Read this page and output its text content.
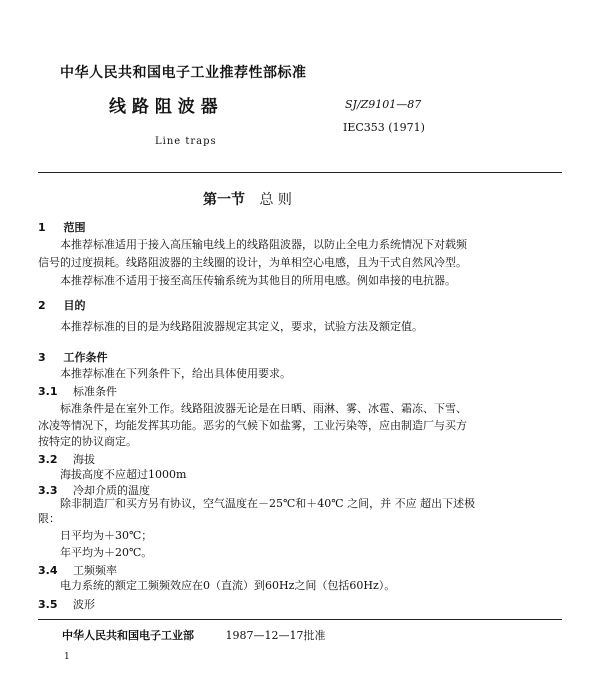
中华人民共和国电子工业推荐性部标准
线 路 阻 波 器	SJ/Z9101—87
IEC353 (1971)
Line traps
第一节 总 则
1 范围
本推荐标准适用于接入高压输电线上的线路阻波器，以防止全电力系统情况下对载频
信号的过度损耗。线路阻波器的主线圈的设计，为单相空心电感，且为干式自然风冷型。
本推荐标准不适用于接至高压传输系统为其他目的所用电感。例如串接的电抗器。
2 目的
本推荐标准的目的是为线路阻波器规定其定义，要求，试验方法及额定值。
3 工作条件
本推荐标准在下列条件下，给出具体使用要求。
3.1 标准条件
标准条件是在室外工作。线路阻波器无论是在日晒、雨淋、雾、冰雹、霜冻、下雪、
冰凌等情况下，均能发挥其功能。恶劣的气候下如盐雾，工业污染等，应由制造厂与买方
按特定的协议商定。
3.2 海拔
海拔高度不应超过1000m
3.3 冷却介质的温度
除非制造厂和买方另有协议，空气温度在－25℃和＋40℃ 之间，并 不应 超出下述极
限：
日平均为＋30℃；
年平均为＋20℃。
3.4 工频频率
电力系统的额定工频频效应在0（直流）到60Hz之间（包括60Hz）。
3.5 波形
中华人民共和国电子工业部	1987—12—17批准
1
